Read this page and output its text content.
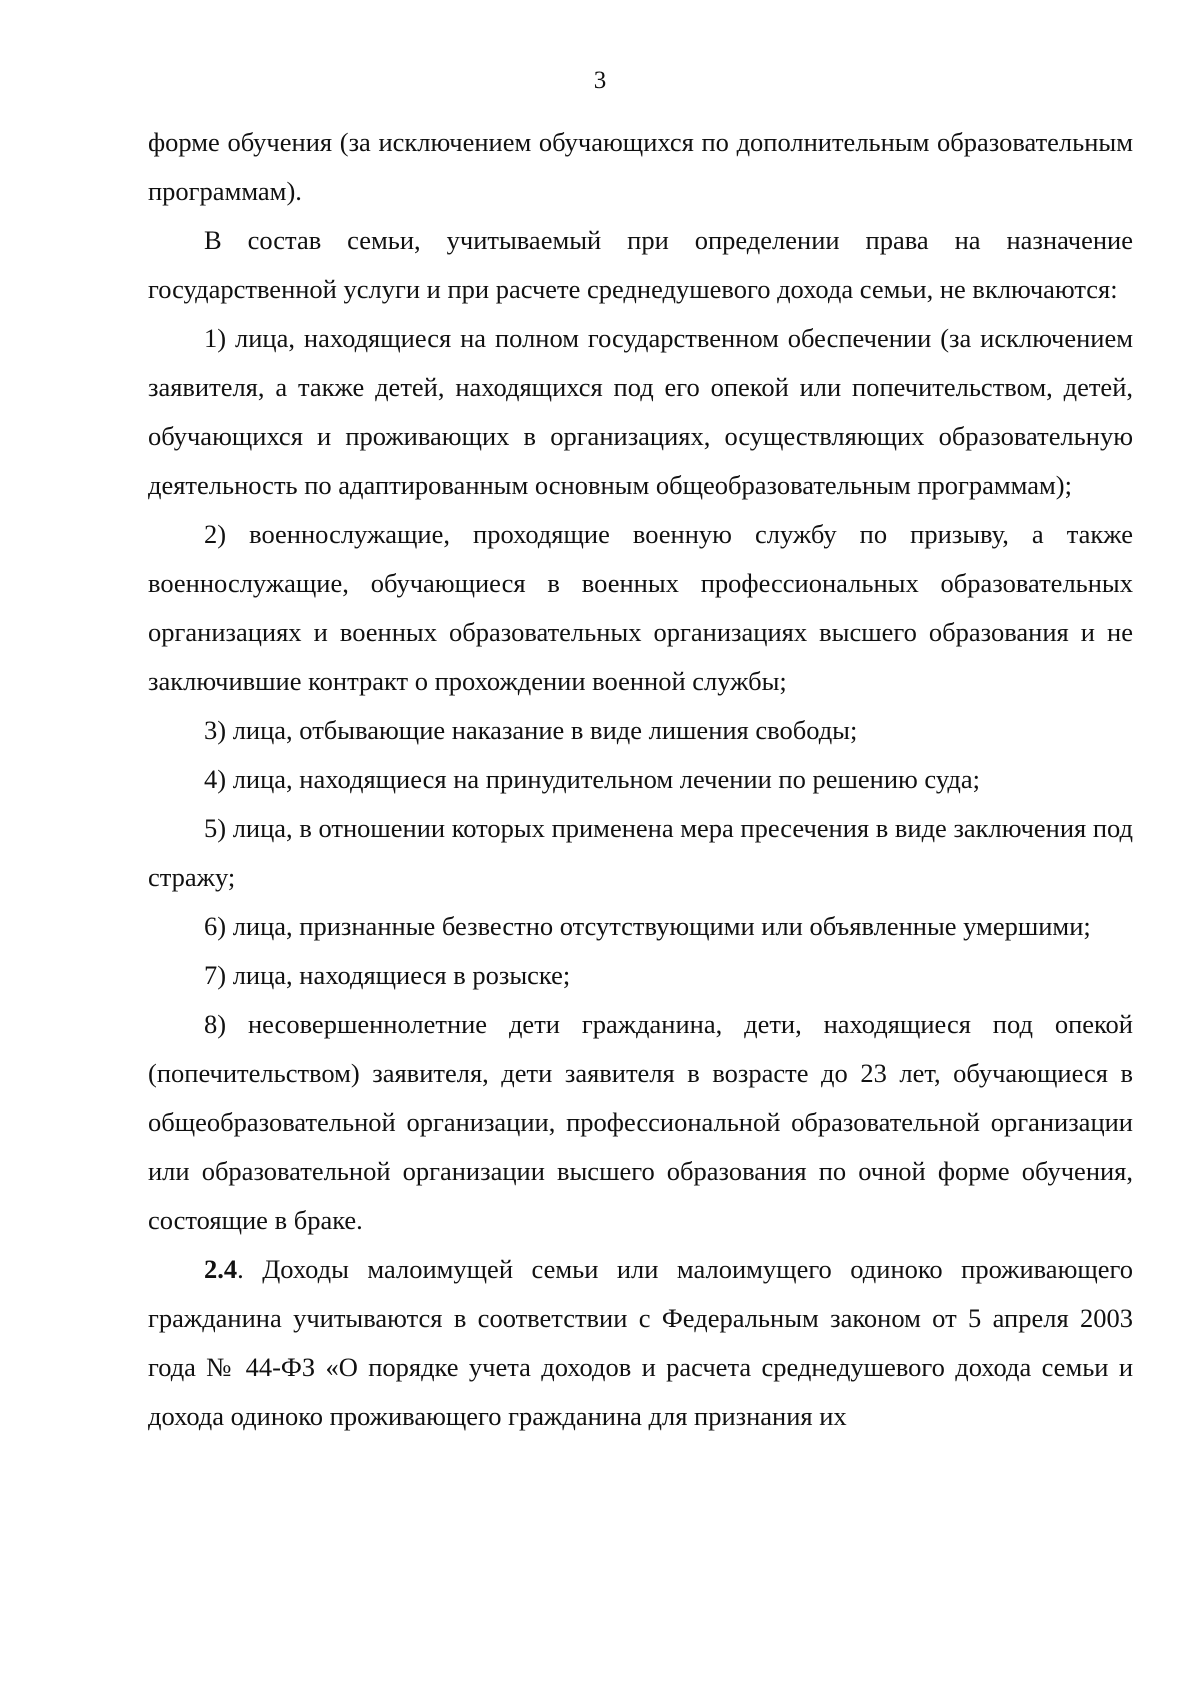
3

форме обучения (за исключением обучающихся по дополнительным образовательным программам).

В состав семьи, учитываемый при определении права на назначение государственной услуги и при расчете среднедушевого дохода семьи, не включаются:

1) лица, находящиеся на полном государственном обеспечении (за исключением заявителя, а также детей, находящихся под его опекой или попечительством, детей, обучающихся и проживающих в организациях, осуществляющих образовательную деятельность по адаптированным основным общеобразовательным программам);

2) военнослужащие, проходящие военную службу по призыву, а также военнослужащие, обучающиеся в военных профессиональных образовательных организациях и военных образовательных организациях высшего образования и не заключившие контракт о прохождении военной службы;

3) лица, отбывающие наказание в виде лишения свободы;

4) лица, находящиеся на принудительном лечении по решению суда;

5) лица, в отношении которых применена мера пресечения в виде заключения под стражу;

6) лица, признанные безвестно отсутствующими или объявленные умершими;

7) лица, находящиеся в розыске;

8) несовершеннолетние дети гражданина, дети, находящиеся под опекой (попечительством) заявителя, дети заявителя в возрасте до 23 лет, обучающиеся в общеобразовательной организации, профессиональной образовательной организации или образовательной организации высшего образования по очной форме обучения, состоящие в браке.

2.4. Доходы малоимущей семьи или малоимущего одиноко проживающего гражданина учитываются в соответствии с Федеральным законом от 5 апреля 2003 года № 44-ФЗ «О порядке учета доходов и расчета среднедушевого дохода семьи и дохода одиноко проживающего гражданина для признания их
